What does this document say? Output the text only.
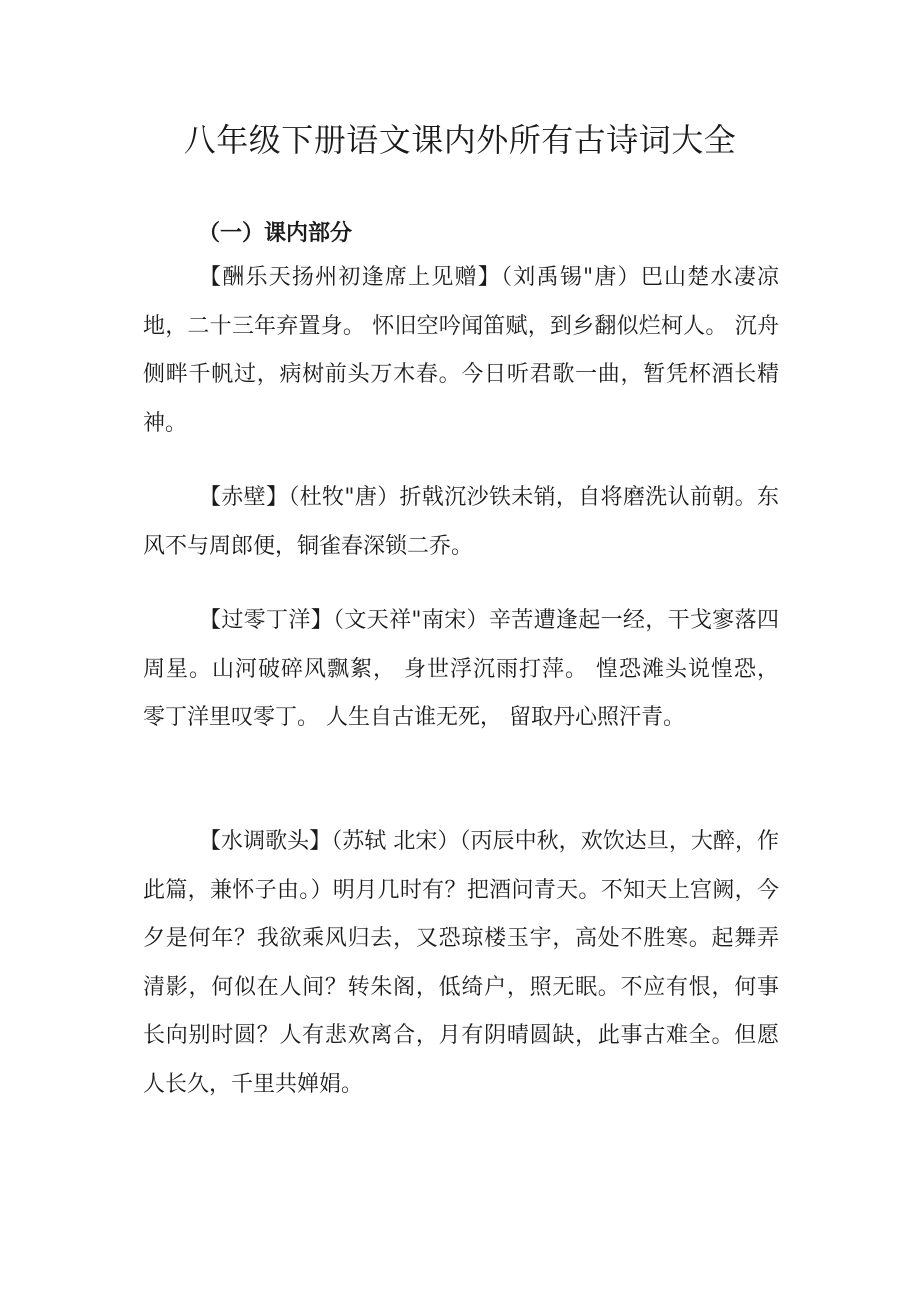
八年级下册语文课内外所有古诗词大全
（一）课内部分

【酬乐天扬州初逢席上见赠】（刘禹锡"唐）巴山楚水凄凉地，二十三年弃置身。 怀旧空吟闻笛赋，到乡翻似烂柯人。 沉舟侧畔千帆过，病树前头万木春。今日听君歌一曲，暂凭杯酒长精神。

【赤壁】（杜牧"唐）折戟沉沙铁未销，自将磨洗认前朝。东风不与周郎便，铜雀春深锁二乔。

【过零丁洋】（文天祥"南宋）辛苦遭逢起一经，干戈寥落四周星。山河破碎风飘絮， 身世浮沉雨打萍。 惶恐滩头说惶恐， 零丁洋里叹零丁。 人生自古谁无死， 留取丹心照汗青。

【水调歌头】（苏轼 北宋）（丙辰中秋，欢饮达旦，大醉，作此篇，兼怀子由。）明月几时有？把酒问青天。不知天上宫阙，今夕是何年？我欲乘风归去，又恐琼楼玉宇，高处不胜寒。起舞弄清影，何似在人间？转朱阁，低绮户，照无眠。不应有恨，何事长向别时圆？人有悲欢离合，月有阴晴圆缺，此事古难全。但愿人长久，千里共婵娟。
